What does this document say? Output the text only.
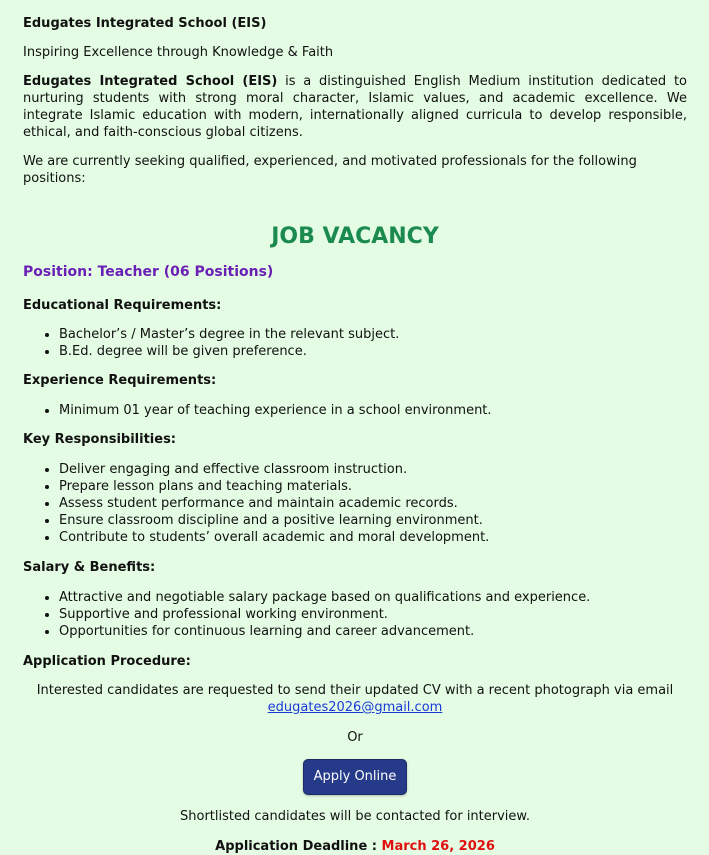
Edugates Integrated School (EIS)

Inspiring Excellence through Knowledge & Faith

Edugates Integrated School (EIS) is a distinguished English Medium institution dedicated to nurturing students with strong moral character, Islamic values, and academic excellence. We integrate Islamic education with modern, internationally aligned curricula to develop responsible, ethical, and faith-conscious global citizens.

We are currently seeking qualified, experienced, and motivated professionals for the following positions:

JOB VACANCY

Position: Teacher (06 Positions)

Educational Requirements:

• Bachelor’s / Master’s degree in the relevant subject.
• B.Ed. degree will be given preference.

Experience Requirements:

• Minimum 01 year of teaching experience in a school environment.

Key Responsibilities:

• Deliver engaging and effective classroom instruction.
• Prepare lesson plans and teaching materials.
• Assess student performance and maintain academic records.
• Ensure classroom discipline and a positive learning environment.
• Contribute to students’ overall academic and moral development.

Salary & Benefits:

• Attractive and negotiable salary package based on qualifications and experience.
• Supportive and professional working environment.
• Opportunities for continuous learning and career advancement.

Application Procedure:

Interested candidates are requested to send their updated CV with a recent photograph via email

edugates2026@gmail.com

Or

Apply Online

Shortlisted candidates will be contacted for interview.

Application Deadline : March 26, 2026
